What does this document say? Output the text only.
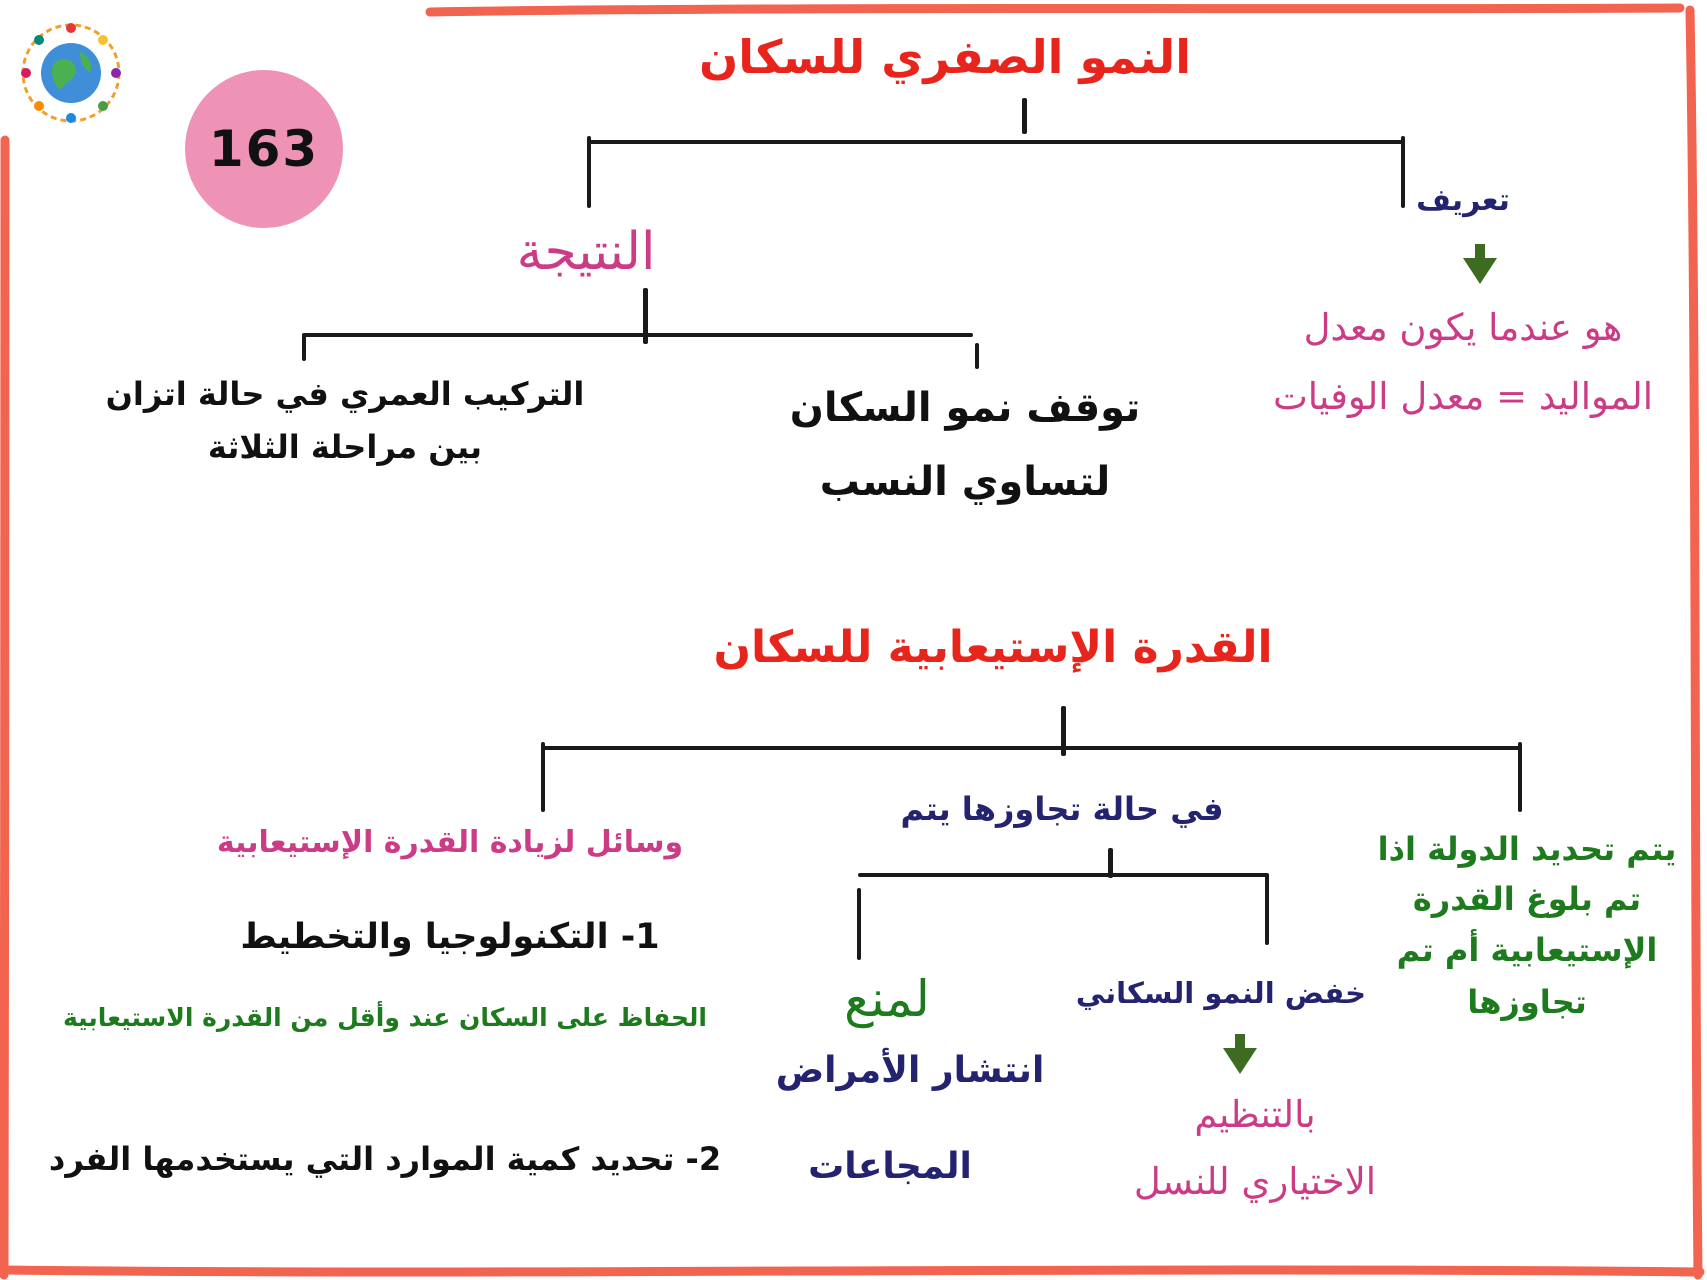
163
النمو الصفري للسكان
تعريف
هو عندما يكون معدل
المواليد = معدل الوفيات
النتيجة
توقف نمو السكان
لتساوي النسب
التركيب العمري في حالة اتزان
بين مراحلة الثلاثة
القدرة الإستيعابية للسكان
يتم تحديد الدولة اذا
تم بلوغ القدرة
الإستيعابية أم تم
تجاوزها
في حالة تجاوزها يتم
خفض النمو السكاني
بالتنظيم
الاختياري للنسل
لمنع
انتشار الأمراض
المجاعات
وسائل لزيادة القدرة الإستيعابية
1- التكنولوجيا والتخطيط
الحفاظ على السكان عند وأقل من القدرة الاستيعابية
2- تحديد كمية الموارد التي يستخدمها الفرد
